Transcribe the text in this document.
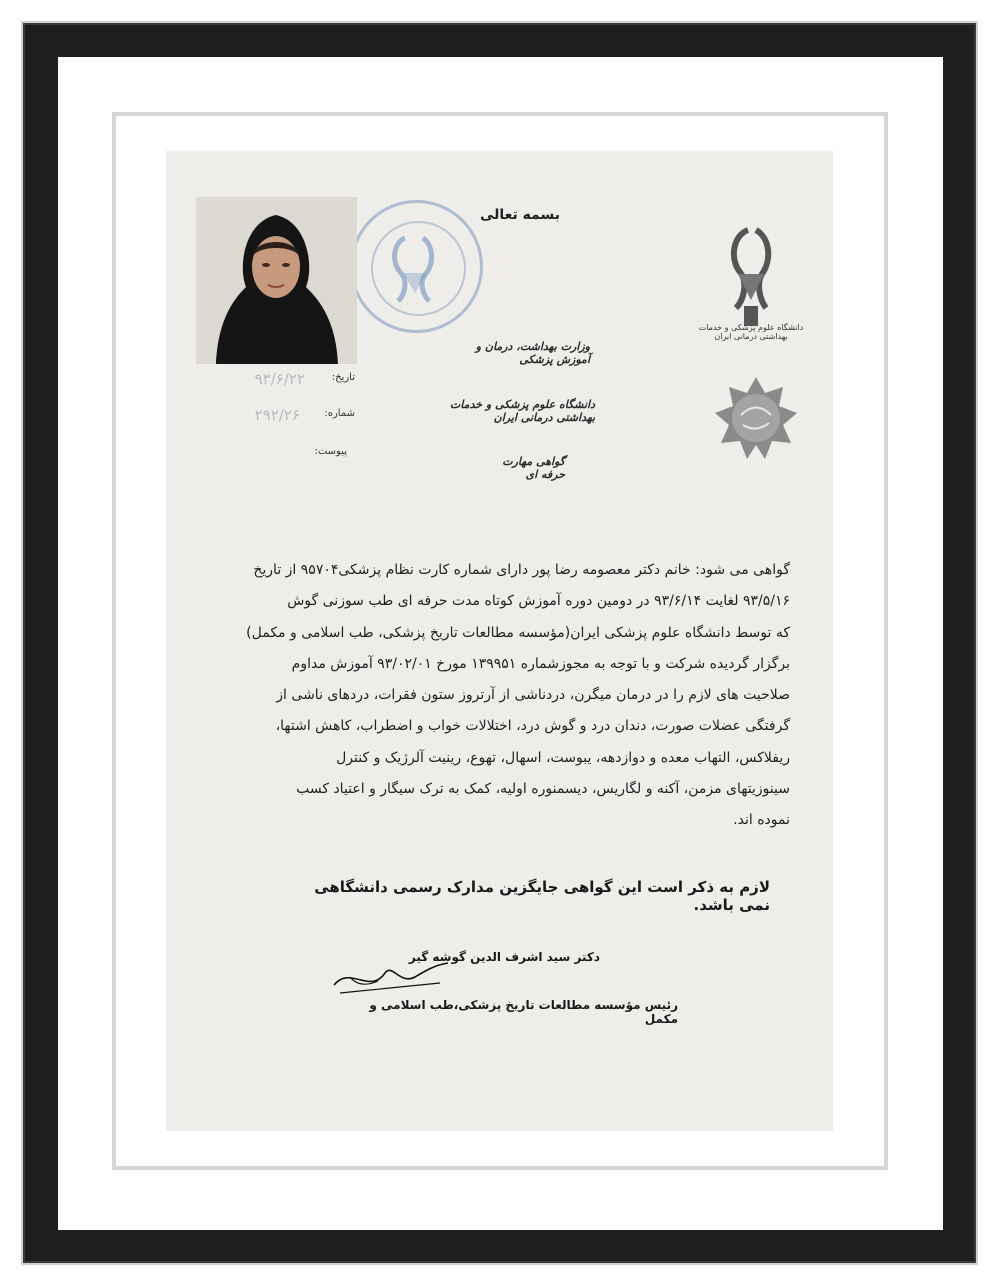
بسمه تعالی
دانشگاه علوم پزشکی و خدمات بهداشتی درمانی ایران
وزارت بهداشت، درمان و آموزش پزشکی
دانشگاه علوم پزشکی و خدمات بهداشتی درمانی ایران
گواهی مهارت حرفه ای
تاریخ:
۹۳/۶/۲۲
شماره:
۲۹۲/۲۶
پیوست:
گواهی می شود: خانم دکتر معصومه رضا پور دارای شماره کارت نظام پزشکی۹۵۷۰۴ از تاریخ
۹۳/۵/۱۶ لغایت ۹۳/۶/۱۴ در دومین دوره آموزش کوتاه مدت حرفه ای طب سوزنی گوش
که توسط دانشگاه علوم پزشکی ایران(مؤسسه مطالعات تاریخ پزشکی، طب اسلامی و مکمل)
برگزار گردیده شرکت و با توجه به مجوزشماره ۱۳۹۹۵۱ مورخ ۹۳/۰۲/۰۱ آموزش مداوم
صلاحیت های لازم را در درمان میگرن، دردناشی از آرتروز ستون فقرات، دردهای ناشی از
گرفتگی عضلات صورت، دندان درد و گوش درد، اختلالات خواب و اضطراب، کاهش اشتها،
ریفلاکس، التهاب معده و دوازدهه، یبوست، اسهال، تهوع، رینیت آلرژیک و کنترل
سینوزیتهای مزمن، آکنه و لگاریس، دیسمنوره اولیه، کمک به ترک سیگار و اعتیاد کسب
نموده اند.
لازم به ذکر است این گواهی جایگزین مدارک رسمی دانشگاهی نمی باشد.
دکتر سید اشرف الدین گوشه گیر
رئیس مؤسسه مطالعات تاریخ پزشکی،طب اسلامی و مکمل
